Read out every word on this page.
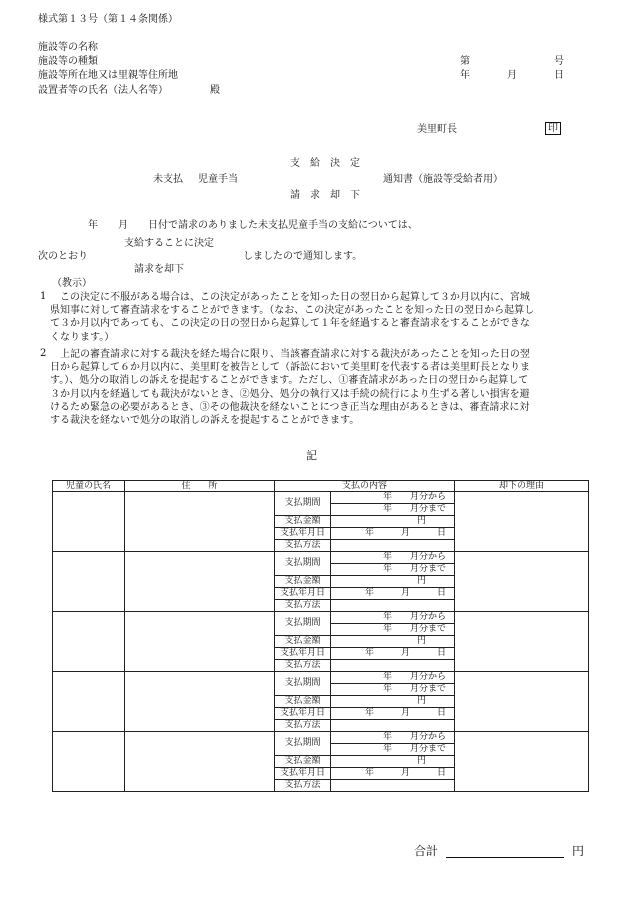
様式第１３号（第１４条関係）
施設等の名称
施設等の種類
施設等所在地又は里親等住所地
設置者等の氏名（法人名等）	殿
第	号
年	月	日
美里町長	印
支　給　決　定
未支払 児童手当	通知書（施設等受給者用）
請　求　却　下
年　　月　　日付で請求のありました未支払児童手当の支給については、
支給することに決定
次のとおり	しましたので通知します。
請求を却下
（教示）
1 この決定に不服がある場合は、この決定があったことを知った日の翌日から起算して３か月以内に、宮城
県知事に対して審査請求をすることができます。（なお、この決定があったことを知った日の翌日から起算し
て３か月以内であっても、この決定の日の翌日から起算して１年を経過すると審査請求をすることができな
くなります。）
2 上記の審査請求に対する裁決を経た場合に限り、当該審査請求に対する裁決があったことを知った日の翌
日から起算して６か月以内に、美里町を被告として（訴訟において美里町を代表する者は美里町長となりま
す。）、処分の取消しの訴えを提起することができます。ただし、①審査請求があった日の翌日から起算して
３か月以内を経過しても裁決がないとき、②処分、処分の執行又は手続の続行により生ずる著しい損害を避
けるため緊急の必要があるとき、③その他裁決を経ないことにつき正当な理由があるときは、審査請求に対
する裁決を経ないで処分の取消しの訴えを提起することができます。
記
児童の氏名	住　　所	支払の内容		却下の理由
		支払期間	年　　月分から	
			年　　月分まで	
		支払金額	円	
		支払年月日	年　　　月　　　日	
		支払方法		
		支払期間	年　　月分から	
			年　　月分まで	
		支払金額	円	
		支払年月日	年　　　月　　　日	
		支払方法		
		支払期間	年　　月分から	
			年　　月分まで	
		支払金額	円	
		支払年月日	年　　　月　　　日	
		支払方法		
		支払期間	年　　月分から	
			年　　月分まで	
		支払金額	円	
		支払年月日	年　　　月　　　日	
		支払方法		
		支払期間	年　　月分から	
			年　　月分まで	
		支払金額	円	
		支払年月日	年　　　月　　　日	
		支払方法		
合計	円
